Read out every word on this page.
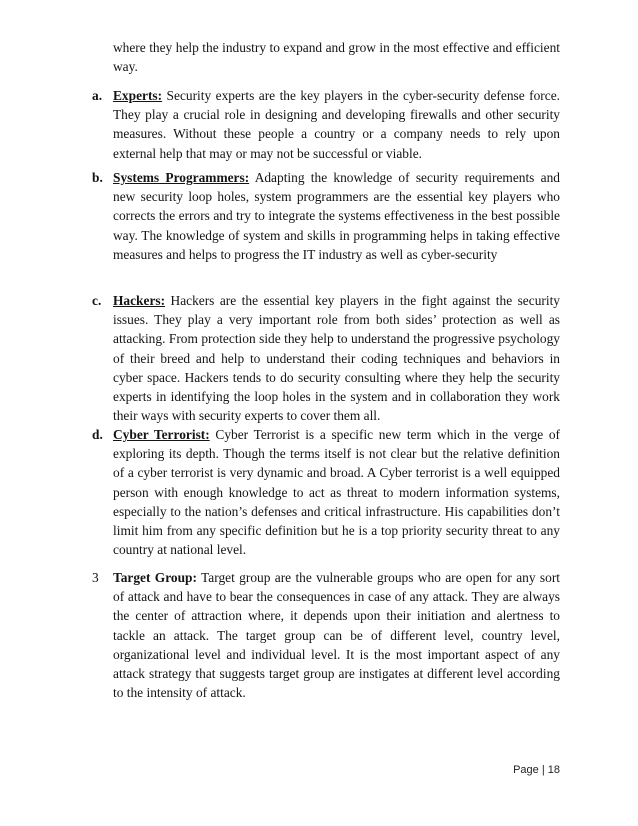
where they help the industry to expand and grow in the most effective and efficient way.

a. Experts: Security experts are the key players in the cyber-security defense force. They play a crucial role in designing and developing firewalls and other security measures. Without these people a country or a company needs to rely upon external help that may or may not be successful or viable.
b. Systems Programmers: Adapting the knowledge of security requirements and new security loop holes, system programmers are the essential key players who corrects the errors and try to integrate the systems effectiveness in the best possible way. The knowledge of system and skills in programming helps in taking effective measures and helps to progress the IT industry as well as cyber-security
c. Hackers: Hackers are the essential key players in the fight against the security issues. They play a very important role from both sides’ protection as well as attacking. From protection side they help to understand the progressive psychology of their breed and help to understand their coding techniques and behaviors in cyber space. Hackers tends to do security consulting where they help the security experts in identifying the loop holes in the system and in collaboration they work their ways with security experts to cover them all.
d. Cyber Terrorist: Cyber Terrorist is a specific new term which in the verge of exploring its depth. Though the terms itself is not clear but the relative definition of a cyber terrorist is very dynamic and broad. A Cyber terrorist is a well equipped person with enough knowledge to act as threat to modern information systems, especially to the nation’s defenses and critical infrastructure. His capabilities don’t limit him from any specific definition but he is a top priority security threat to any country at national level.
3 Target Group: Target group are the vulnerable groups who are open for any sort of attack and have to bear the consequences in case of any attack. They are always the center of attraction where, it depends upon their initiation and alertness to tackle an attack. The target group can be of different level, country level, organizational level and individual level. It is the most important aspect of any attack strategy that suggests target group are instigates at different level according to the intensity of attack.
Page | 18
